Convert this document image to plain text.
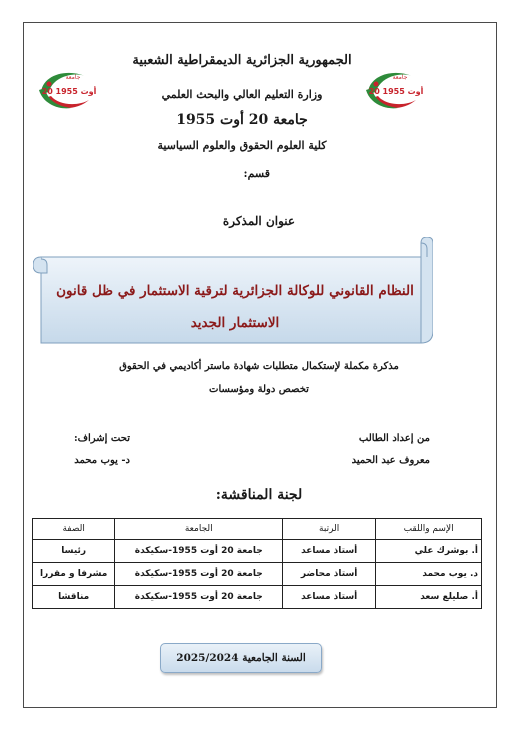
جامعة
20 أوت 1955
جامعة
20 أوت 1955
الجمهورية الجزائرية الديمقراطية الشعبية
وزارة التعليم العالي والبحث العلمي
جامعة 20 أوت 1955
كلية العلوم الحقوق والعلوم السياسية
قسم:
عنوان المذكرة
النظام القانوني للوكالة الجزائرية لترقية الاستثمار في ظل قانون
الاستثمار الجديد
مذكرة مكملة لإستكمال متطلبات شهادة ماستر أكاديمي في الحقوق
تخصص دولة ومؤسسات
من إعداد الطالب
معروف عبد الحميد
تحت إشراف:
د- يوب محمد
لجنة المناقشة:
الإسم واللقب	الرتبة	الجامعة	الصفة
أ. بوشرك علي	أستاذ مساعد	جامعة 20 أوت 1955-سكيكدة	رئيسا
د. يوب محمد	أستاذ محاضر	جامعة 20 أوت 1955-سكيكدة	مشرفا و مقررا
أ. صليلع سعد	أستاذ مساعد	جامعة 20 أوت 1955-سكيكدة	مناقشا
السنة الجامعية 2025/2024
